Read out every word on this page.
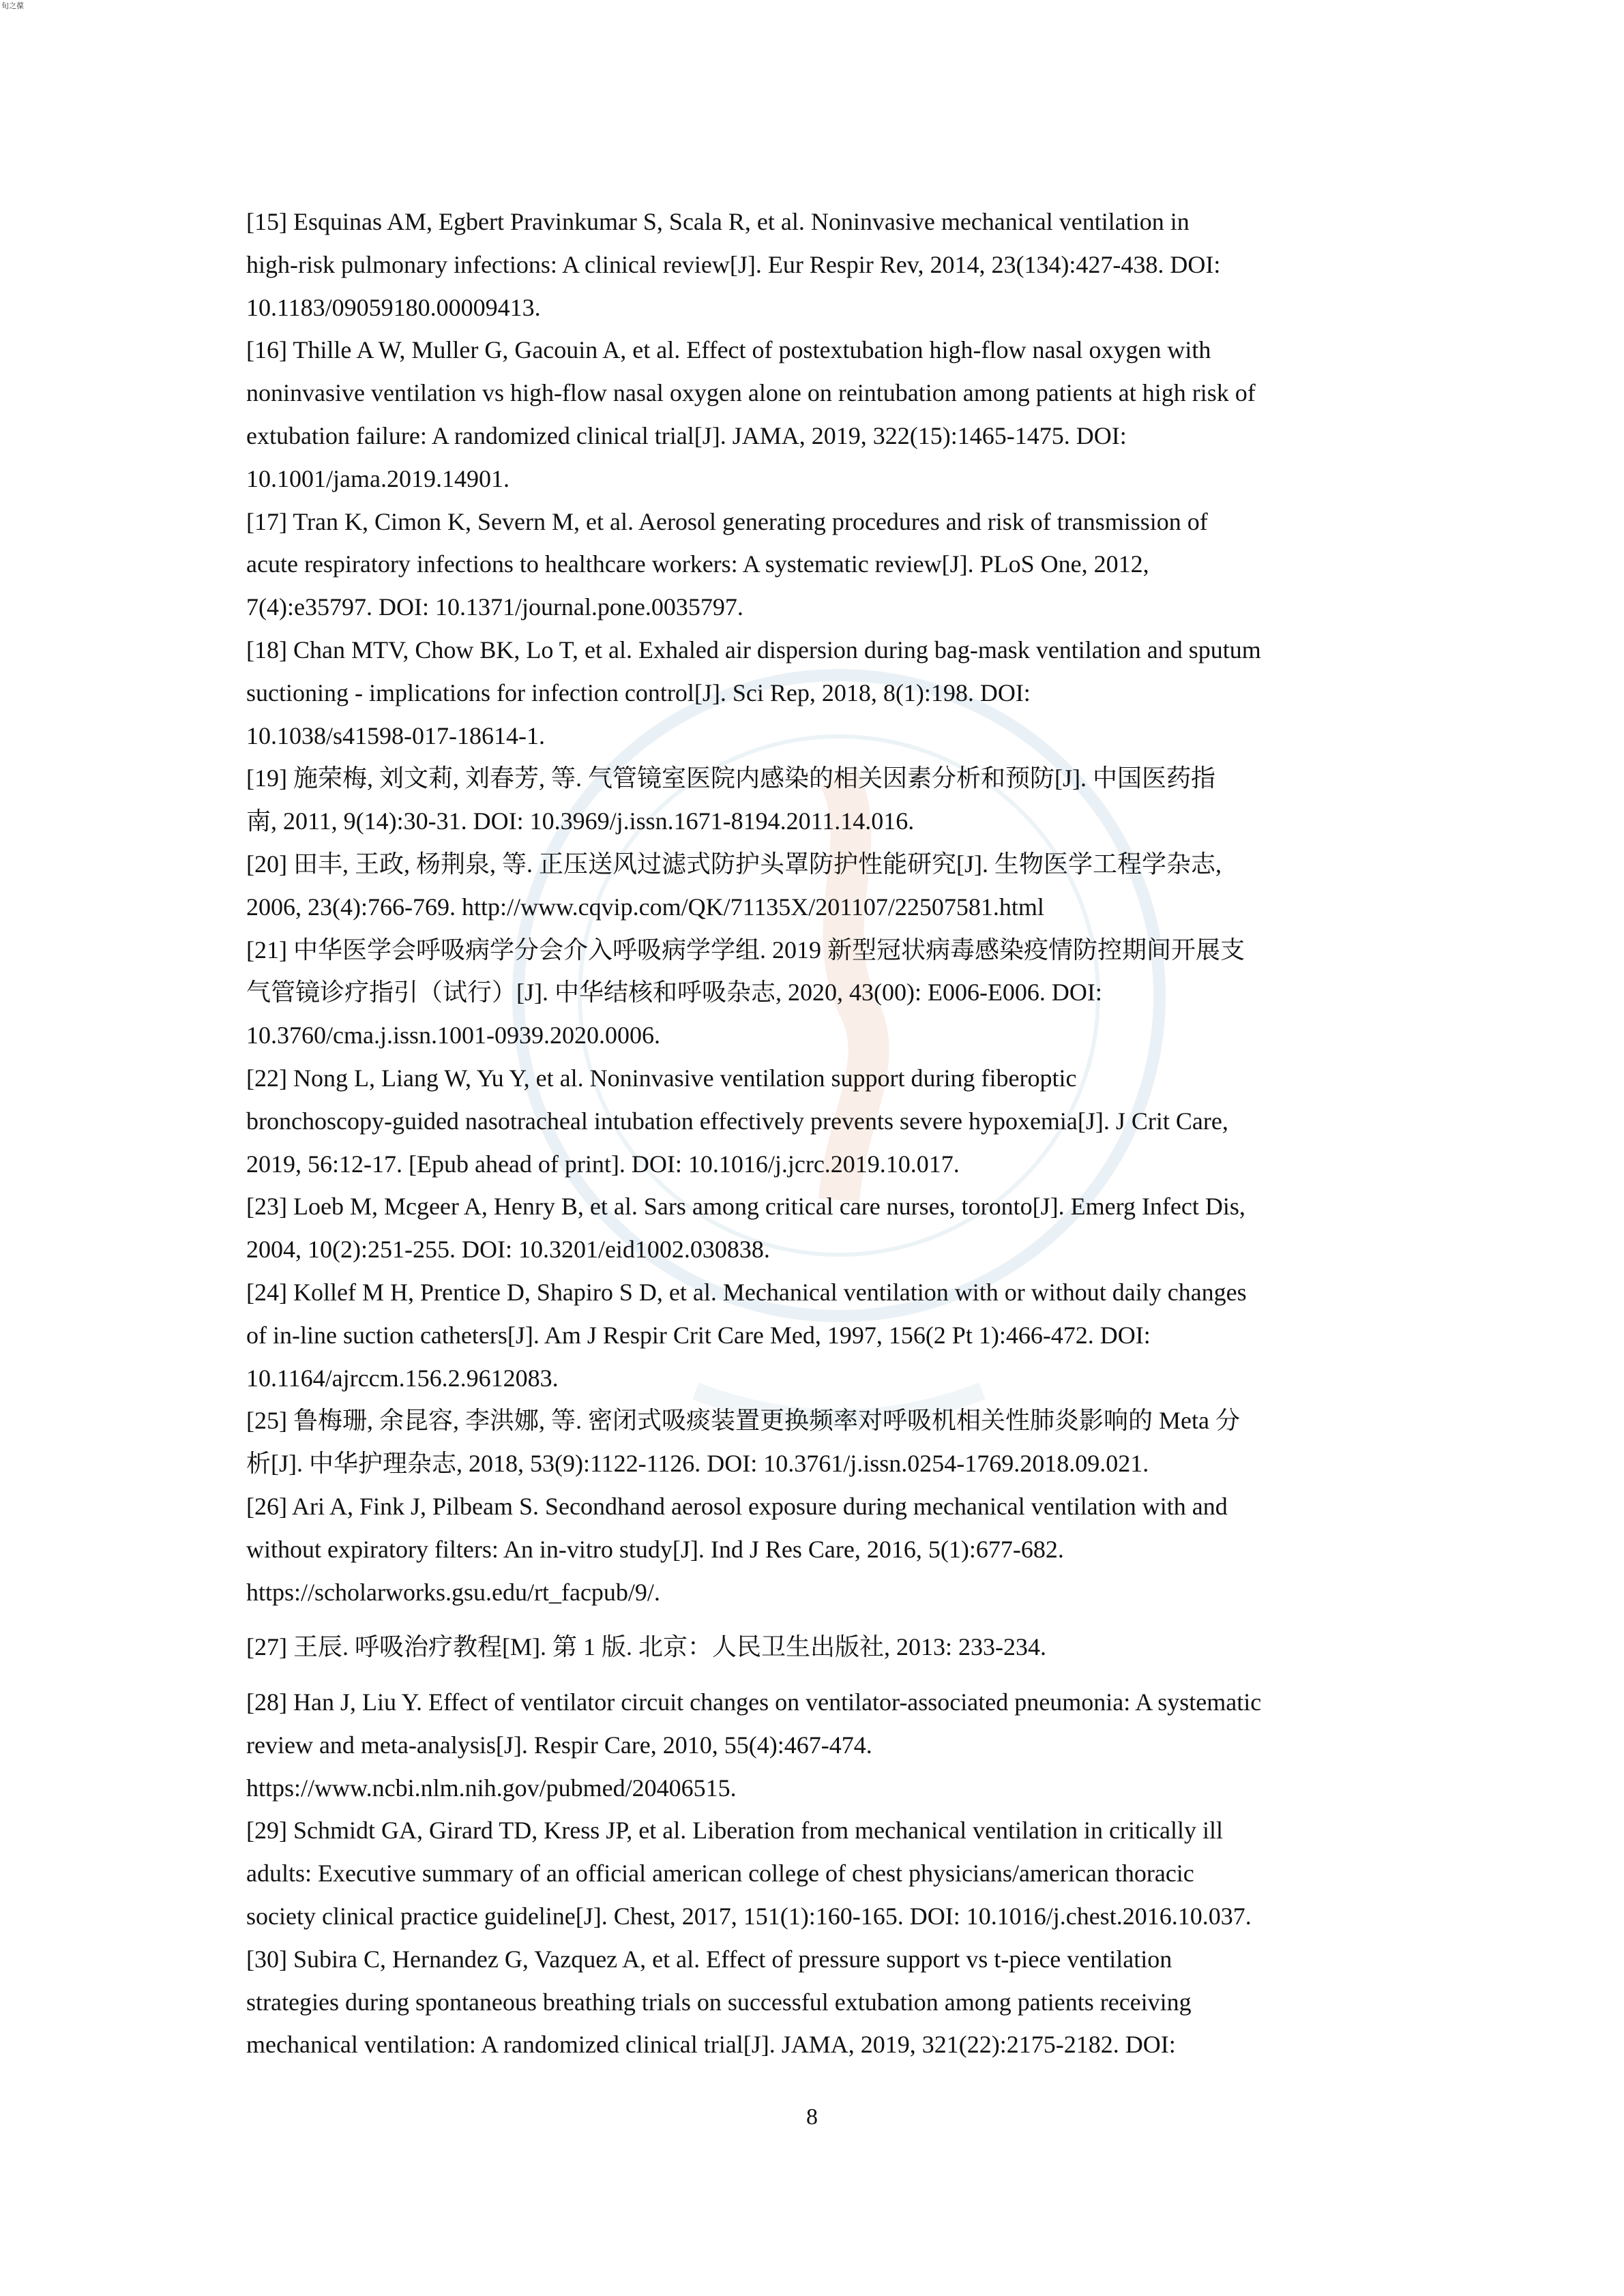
旬之葆

[15] Esquinas AM, Egbert Pravinkumar S, Scala R, et al. Noninvasive mechanical ventilation in
high-risk pulmonary infections: A clinical review[J]. Eur Respir Rev, 2014, 23(134):427-438. DOI:
10.1183/09059180.00009413.

[16] Thille A W, Muller G, Gacouin A, et al. Effect of postextubation high-flow nasal oxygen with
noninvasive ventilation vs high-flow nasal oxygen alone on reintubation among patients at high risk of
extubation failure: A randomized clinical trial[J]. JAMA, 2019, 322(15):1465-1475. DOI:
10.1001/jama.2019.14901.

[17] Tran K, Cimon K, Severn M, et al. Aerosol generating procedures and risk of transmission of
acute respiratory infections to healthcare workers: A systematic review[J]. PLoS One, 2012,
7(4):e35797. DOI: 10.1371/journal.pone.0035797.

[18] Chan MTV, Chow BK, Lo T, et al. Exhaled air dispersion during bag-mask ventilation and sputum
suctioning - implications for infection control[J]. Sci Rep, 2018, 8(1):198. DOI:
10.1038/s41598-017-18614-1.

[19] 施荣梅, 刘文莉, 刘春芳, 等. 气管镜室医院内感染的相关因素分析和预防[J]. 中国医药指
南, 2011, 9(14):30-31. DOI: 10.3969/j.issn.1671-8194.2011.14.016.

[20] 田丰, 王政, 杨荆泉, 等. 正压送风过滤式防护头罩防护性能研究[J]. 生物医学工程学杂志,
2006, 23(4):766-769. http://www.cqvip.com/QK/71135X/201107/22507581.html

[21] 中华医学会呼吸病学分会介入呼吸病学学组. 2019 新型冠状病毒感染疫情防控期间开展支
气管镜诊疗指引（试行）[J]. 中华结核和呼吸杂志, 2020, 43(00): E006-E006. DOI:
10.3760/cma.j.issn.1001-0939.2020.0006.

[22] Nong L, Liang W, Yu Y, et al. Noninvasive ventilation support during fiberoptic
bronchoscopy-guided nasotracheal intubation effectively prevents severe hypoxemia[J]. J Crit Care,
2019, 56:12-17. [Epub ahead of print]. DOI: 10.1016/j.jcrc.2019.10.017.

[23] Loeb M, Mcgeer A, Henry B, et al. Sars among critical care nurses, toronto[J]. Emerg Infect Dis,
2004, 10(2):251-255. DOI: 10.3201/eid1002.030838.

[24] Kollef M H, Prentice D, Shapiro S D, et al. Mechanical ventilation with or without daily changes
of in-line suction catheters[J]. Am J Respir Crit Care Med, 1997, 156(2 Pt 1):466-472. DOI:
10.1164/ajrccm.156.2.9612083.

[25] 鲁梅珊, 余昆容, 李洪娜, 等. 密闭式吸痰装置更换频率对呼吸机相关性肺炎影响的 Meta 分
析[J]. 中华护理杂志, 2018, 53(9):1122-1126. DOI: 10.3761/j.issn.0254-1769.2018.09.021.

[26] Ari A, Fink J, Pilbeam S. Secondhand aerosol exposure during mechanical ventilation with and
without expiratory filters: An in-vitro study[J]. Ind J Res Care, 2016, 5(1):677-682.
https://scholarworks.gsu.edu/rt_facpub/9/.

[27] 王辰. 呼吸治疗教程[M]. 第 1 版. 北京：人民卫生出版社, 2013: 233-234.

[28] Han J, Liu Y. Effect of ventilator circuit changes on ventilator-associated pneumonia: A systematic
review and meta-analysis[J]. Respir Care, 2010, 55(4):467-474.
https://www.ncbi.nlm.nih.gov/pubmed/20406515.

[29] Schmidt GA, Girard TD, Kress JP, et al. Liberation from mechanical ventilation in critically ill
adults: Executive summary of an official american college of chest physicians/american thoracic
society clinical practice guideline[J]. Chest, 2017, 151(1):160-165. DOI: 10.1016/j.chest.2016.10.037.

[30] Subira C, Hernandez G, Vazquez A, et al. Effect of pressure support vs t-piece ventilation
strategies during spontaneous breathing trials on successful extubation among patients receiving
mechanical ventilation: A randomized clinical trial[J]. JAMA, 2019, 321(22):2175-2182. DOI:

8
